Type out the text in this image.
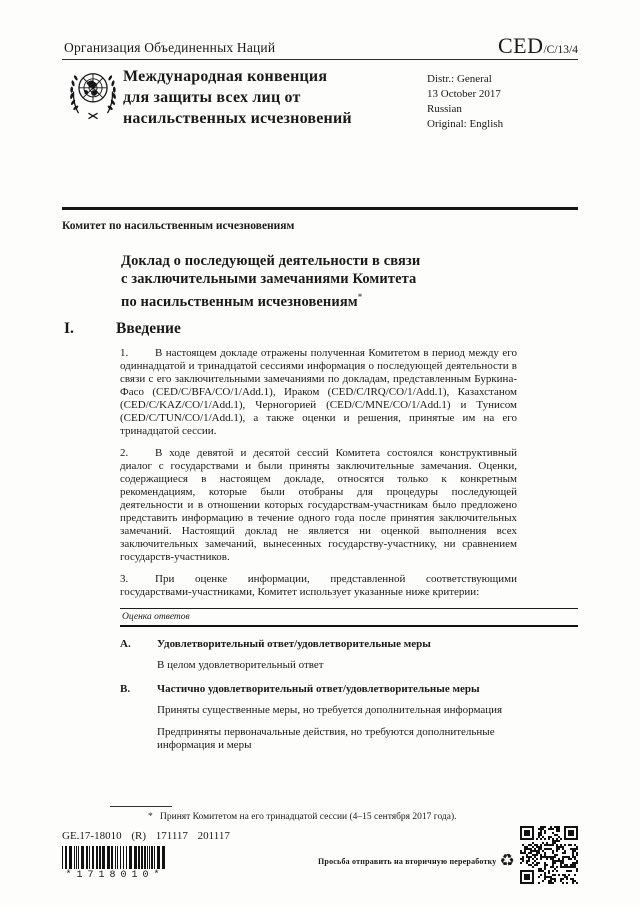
Организация Объединенных Наций	CED/C/13/4
Международная конвенция
для защиты всех лиц от
насильственных исчезновений
Distr.: General
13 October 2017
Russian
Original: English
Комитет по насильственным исчезновениям
Доклад о последующей деятельности в связи
с заключительными замечаниями Комитета
по насильственным исчезновениям*
I.	Введение

1. В настоящем докладе отражены полученная Комитетом в период между его одиннадцатой и тринадцатой сессиями информация о последующей деятельности в связи с его заключительными замечаниями по докладам, представленным Буркина-Фасо (CED/C/BFA/CO/1/Add.1), Ираком (CED/C/IRQ/CO/1/Add.1), Казахстаном (CED/C/KAZ/CO/1/Add.1), Черногорией (CED/C/MNE/CO/1/Add.1) и Тунисом (CED/C/TUN/CO/1/Add.1), а также оценки и решения, принятые им на его тринадцатой сессии.

2. В ходе девятой и десятой сессий Комитета состоялся конструктивный диалог с государствами и были приняты заключительные замечания. Оценки, содержащиеся в настоящем докладе, относятся только к конкретным рекомендациям, которые были отобраны для процедуры последующей деятельности и в отношении которых государствам-участникам было предложено представить информацию в течение одного года после принятия заключительных замечаний. Настоящий доклад не является ни оценкой выполнения всех заключительных замечаний, вынесенных государству-участнику, ни сравнением государств-участников.

3. При оценке информации, представленной соответствующими государствами-участниками, Комитет использует указанные ниже критерии:

Оценка ответов
A. Удовлетворительный ответ/удовлетворительные меры
В целом удовлетворительный ответ
B. Частично удовлетворительный ответ/удовлетворительные меры
Приняты существенные меры, но требуется дополнительная информация
Предприняты первоначальные действия, но требуются дополнительные информация и меры
* Принят Комитетом на его тринадцатой сессии (4–15 сентября 2017 года).
GE.17-18010 (R) 171117 201117
*1718010*
Просьба отправить на вторичную переработку ♻
